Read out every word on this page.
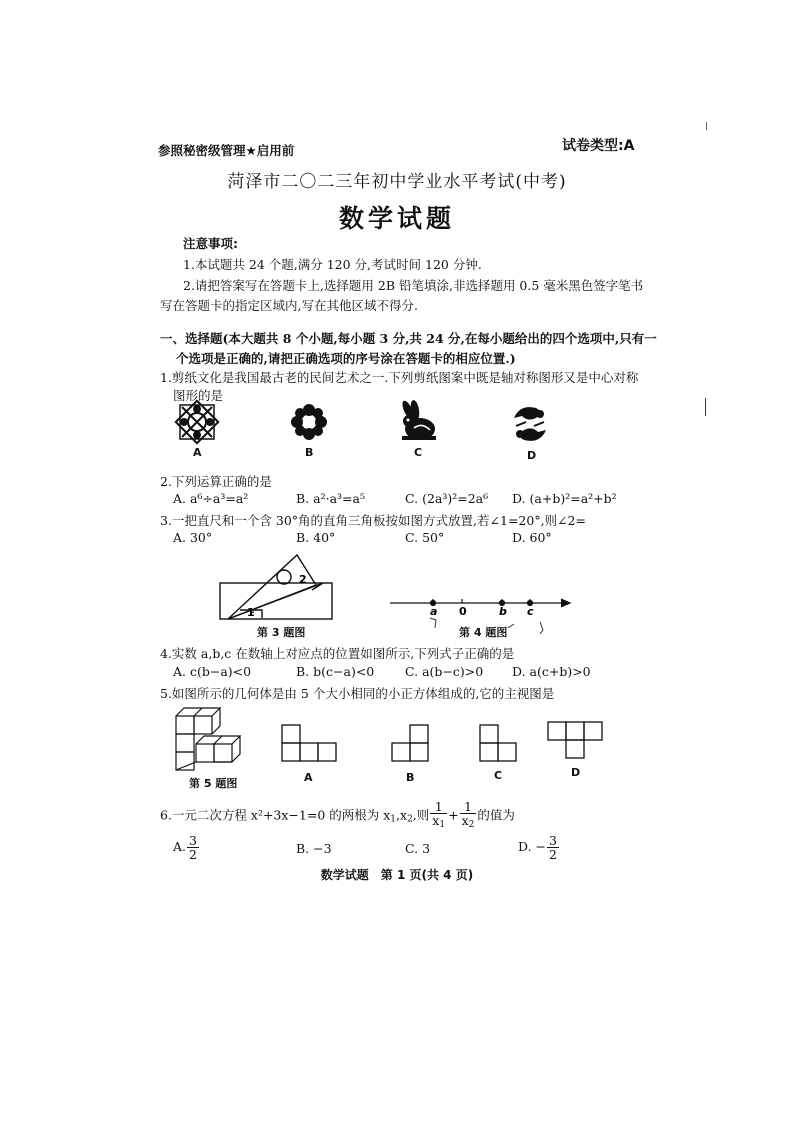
参照秘密级管理★启用前	试卷类型:A
菏泽市二〇二三年初中学业水平考试(中考)
数学试题
注意事项:
1.本试题共 24 个题,满分 120 分,考试时间 120 分钟.
2.请把答案写在答题卡上,选择题用 2B 铅笔填涂,非选择题用 0.5 毫米黑色签字笔书
写在答题卡的指定区域内,写在其他区域不得分.
一、选择题(本大题共 8 个小题,每小题 3 分,共 24 分,在每小题给出的四个选项中,只有一
个选项是正确的,请把正确选项的序号涂在答题卡的相应位置.)
1.剪纸文化是我国最古老的民间艺术之一.下列剪纸图案中既是轴对称图形又是中心对称
图形的是
1
2
a 0	b c
A	B	C	D
2.下列运算正确的是
A. a⁶÷a³=a²	B. a²·a³=a⁵	C. (2a³)²=2a⁶ D. (a+b)²=a²+b²
3.一把直尺和一个含 30°角的直角三角板按如图方式放置,若∠1=20°,则∠2=
A. 30°	B. 40°	C. 50°	D. 60°
第 3 题图	第 4 题图
4.实数 a,b,c 在数轴上对应点的位置如图所示,下列式子正确的是
A. c(b−a)<0	B. b(c−a)<0 C. a(b−c)>0 D. a(c+b)>0
5.如图所示的几何体是由 5 个大小相同的小正方体组成的,它的主视图是
第 5 题图	A	B	C	D
6.一元二次方程 x²+3x−1=0 的两根为 $x_1,x_2$,则 $\frac{1}{x_1} + \frac{1}{x_2}$ 的值为
A. $\frac{3}{2}$	B. −3	C. 3	D. − $\frac{3}{2}$
数学试题　第 1 页(共 4 页)
